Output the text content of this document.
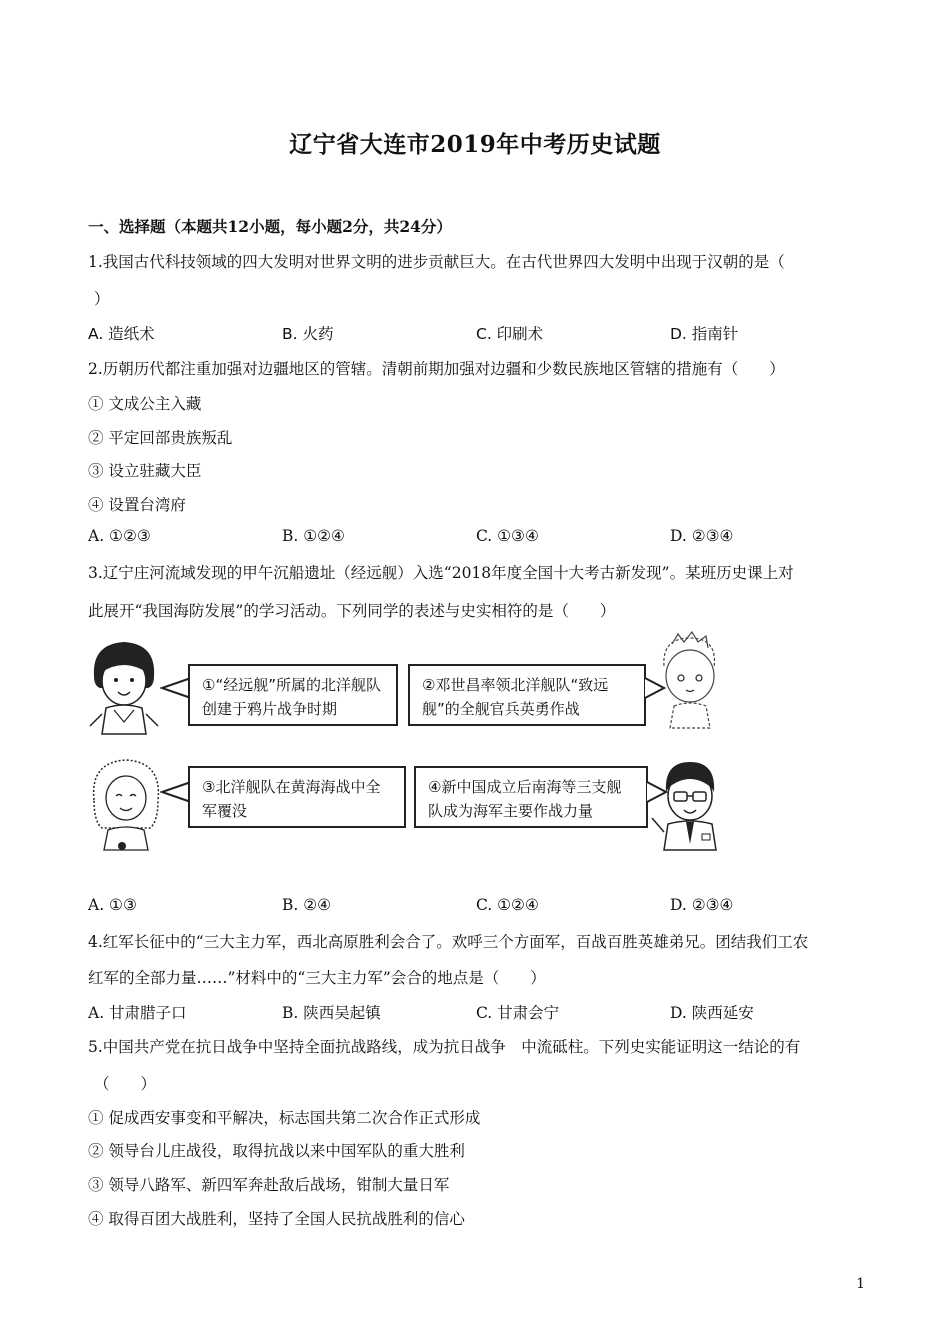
辽宁省大连市2019年中考历史试题
一、选择题（本题共12小题，每小题2分，共24分）
1.我国古代科技领域的四大发明对世界文明的进步贡献巨大。在古代世界四大发明中出现于汉朝的是（
）
A. 造纸术	B. 火药	C. 印刷术	D. 指南针
2.历朝历代都注重加强对边疆地区的管辖。清朝前期加强对边疆和少数民族地区管辖的措施有（　　）
① 文成公主入藏
② 平定回部贵族叛乱
③ 设立驻藏大臣
④ 设置台湾府
A. ①②③	B. ①②④	C. ①③④	D. ②③④
3.辽宁庄河流域发现的甲午沉船遗址（经远舰）入选“2018年度全国十大考古新发现”。某班历史课上对
此展开“我国海防发展”的学习活动。下列同学的表述与史实相符的是（　　）
①“经远舰”所属的北洋舰队创建于鸦片战争时期
②邓世昌率领北洋舰队“致远舰”的全舰官兵英勇作战
③北洋舰队在黄海海战中全军覆没
④新中国成立后南海等三支舰队成为海军主要作战力量
A. ①③	B. ②④	C. ①②④	D. ②③④
4.红军长征中的“三大主力军，西北高原胜利会合了。欢呼三个方面军，百战百胜英雄弟兄。团结我们工农
红军的全部力量……”材料中的“三大主力军”会合的地点是（　　）
A. 甘肃腊子口	B. 陕西吴起镇	C. 甘肃会宁	D. 陕西延安
5.中国共产党在抗日战争中坚持全面抗战路线，成为抗日战争　中流砥柱。下列史实能证明这一结论的有
（　　）
① 促成西安事变和平解决，标志国共第二次合作正式形成
② 领导台儿庄战役，取得抗战以来中国军队的重大胜利
③ 领导八路军、新四军奔赴敌后战场，钳制大量日军
④ 取得百团大战胜利，坚持了全国人民抗战胜利的信心
1
